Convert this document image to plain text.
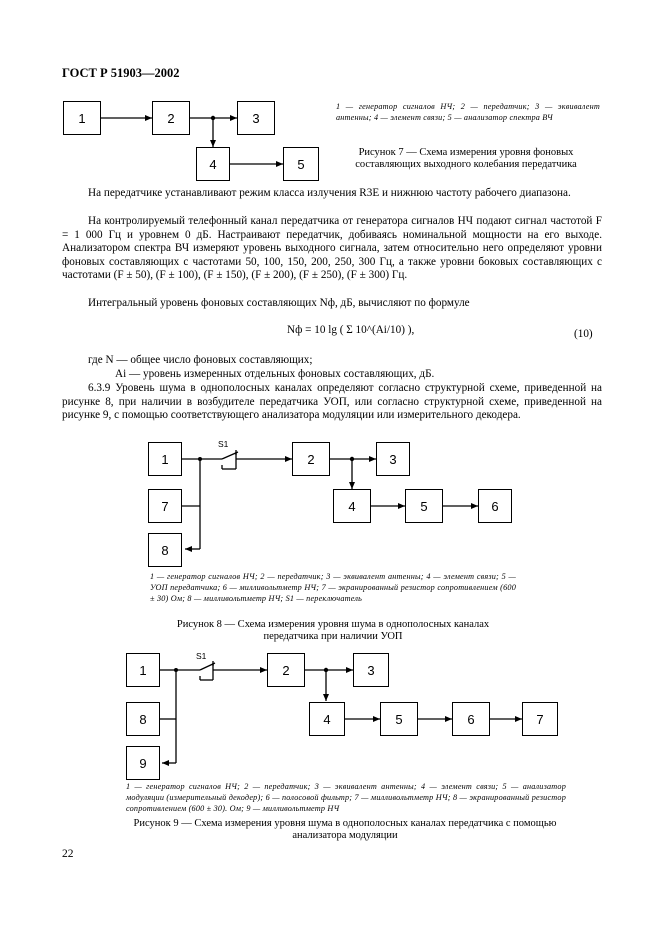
ГОСТ Р 51903—2002
1	2	3
4	5
1 — генератор сигналов НЧ; 2 — передатчик; 3 — эквивалент антенны; 4 — элемент связи; 5 — анализатор спектра ВЧ
Рисунок 7 — Схема измерения уровня фоновых составляющих выходного колебания передатчика
На передатчике устанавливают режим класса излучения R3E и нижнюю частоту рабочего диапазона.
На контролируемый телефонный канал передатчика от генератора сигналов НЧ подают сигнал частотой F = 1 000 Гц и уровнем 0 дБ. Настраивают передатчик, добиваясь номинальной мощности на его выходе. Анализатором спектра ВЧ измеряют уровень выходного сигнала, затем относительно него определяют уровни фоновых составляющих с частотами 50, 100, 150, 200, 250, 300 Гц, а также уровни боковых составляющих с частотами (F ± 50), (F ± 100), (F ± 150), (F ± 200), (F ± 250), (F ± 300) Гц.
Интегральный уровень фоновых составляющих Nф, дБ, вычисляют по формуле
Nф = 10 lg ( Σ 10^(Ai/10) ),	(10)
где N — общее число фоновых составляющих;
Ai — уровень измеренных отдельных фоновых составляющих, дБ.
6.3.9 Уровень шума в однополосных каналах определяют согласно структурной схеме, приведенной на рисунке 8, при наличии в возбудителе передатчика УОП, или согласно структурной схеме, приведенной на рисунке 9, с помощью соответствующего анализатора модуляции или измерительного декодера.
1
7
8
2	3
4	5	6
S1
1 — генератор сигналов НЧ; 2 — передатчик; 3 — эквивалент антенны; 4 — элемент связи; 5 — УОП передатчика; 6 — милливольтметр НЧ; 7 — экранированный резистор сопротивлением (600 ± 30) Ом; 8 — милливольтметр НЧ; S1 — переключатель
Рисунок 8 — Схема измерения уровня шума в однополосных каналах передатчика при наличии УОП
1
8
9
2	3
4	5	6	7
S1
1 — генератор сигналов НЧ; 2 — передатчик; 3 — эквивалент антенны; 4 — элемент связи; 5 — анализатор модуляции (измерительный декодер); 6 — полосовой фильтр; 7 — милливольтметр НЧ; 8 — экранированный резистор сопротивлением (600 ± 30). Ом; 9 — милливольтметр НЧ
Рисунок 9 — Схема измерения уровня шума в однополосных каналах передатчика с помощью анализатора модуляции
22
